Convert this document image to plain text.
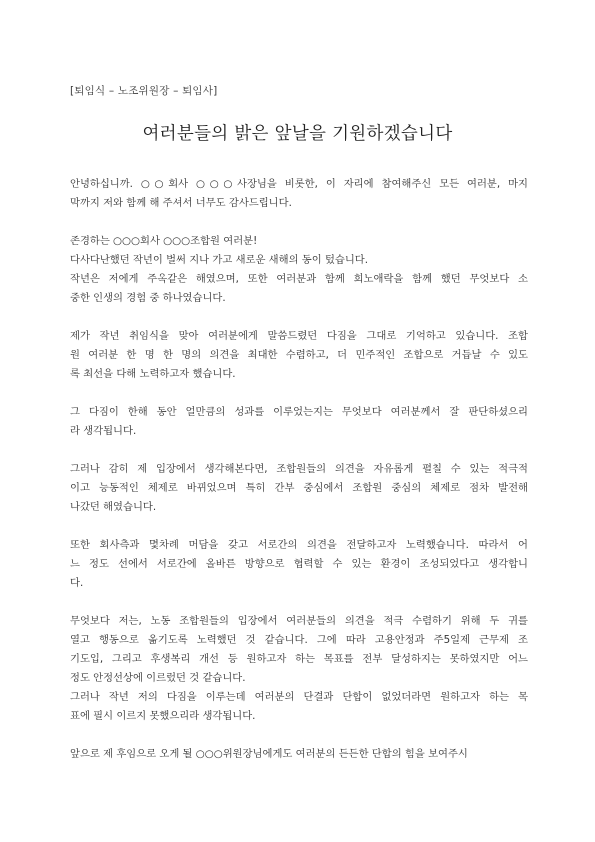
[퇴임식 – 노조위원장 – 퇴임사]
여러분들의 밝은 앞날을 기원하겠습니다

안녕하십니까. ○○회사 ○○○사장님을 비롯한, 이 자리에 참여해주신 모든 여러분, 마지
막까지 저와 함께 해 주셔서 너무도 감사드립니다.

존경하는 ○○○회사 ○○○조합원 여러분!
다사다난했던 작년이 벌써 지나 가고 새로운 새해의 동이 텄습니다.
작년은 저에게 주옥같은 해였으며, 또한 여러분과 함께 희노애락을 함께 했던 무엇보다 소
중한 인생의 경험 중 하나였습니다.

제가 작년 취임식을 맞아 여러분에게 말씀드렸던 다짐을 그대로 기억하고 있습니다. 조합
원 여러분 한 명 한 명의 의견을 최대한 수렴하고, 더 민주적인 조합으로 거듭날 수 있도
록 최선을 다해 노력하고자 했습니다.

그 다짐이 한해 동안 얼만큼의 성과를 이루었는지는 무엇보다 여러분께서 잘 판단하셨으리
라 생각됩니다.

그러나 감히 제 입장에서 생각해본다면, 조합원들의 의견을 자유롭게 펼칠 수 있는 적극적
이고 능동적인 체제로 바뀌었으며 특히 간부 중심에서 조합원 중심의 체제로 점차 발전해
나갔던 해였습니다.

또한 회사측과 몇차례 머담을 갖고 서로간의 의견을 전달하고자 노력했습니다. 따라서 어
느 정도 선에서 서로간에 올바른 방향으로 협력할 수 있는 환경이 조성되었다고 생각합니
다.

무엇보다 저는, 노동 조합원들의 입장에서 여러분들의 의견을 적극 수렴하기 위해 두 귀를
열고 행동으로 옮기도록 노력했던 것 같습니다. 그에 따라 고용안정과 주5일제 근무제 조
기도입, 그리고 후생복리 개선 등 원하고자 하는 목표를 전부 달성하지는 못하였지만 어느
정도 안정선상에 이르렀던 것 같습니다.
그러나 작년 저의 다짐을 이루는데 여러분의 단결과 단합이 없었더라면 원하고자 하는 목
표에 필시 이르지 못했으리라 생각됩니다.

앞으로 제 후임으로 오게 될 ○○○위원장님에게도 여러분의 든든한 단합의 힘을 보여주시
